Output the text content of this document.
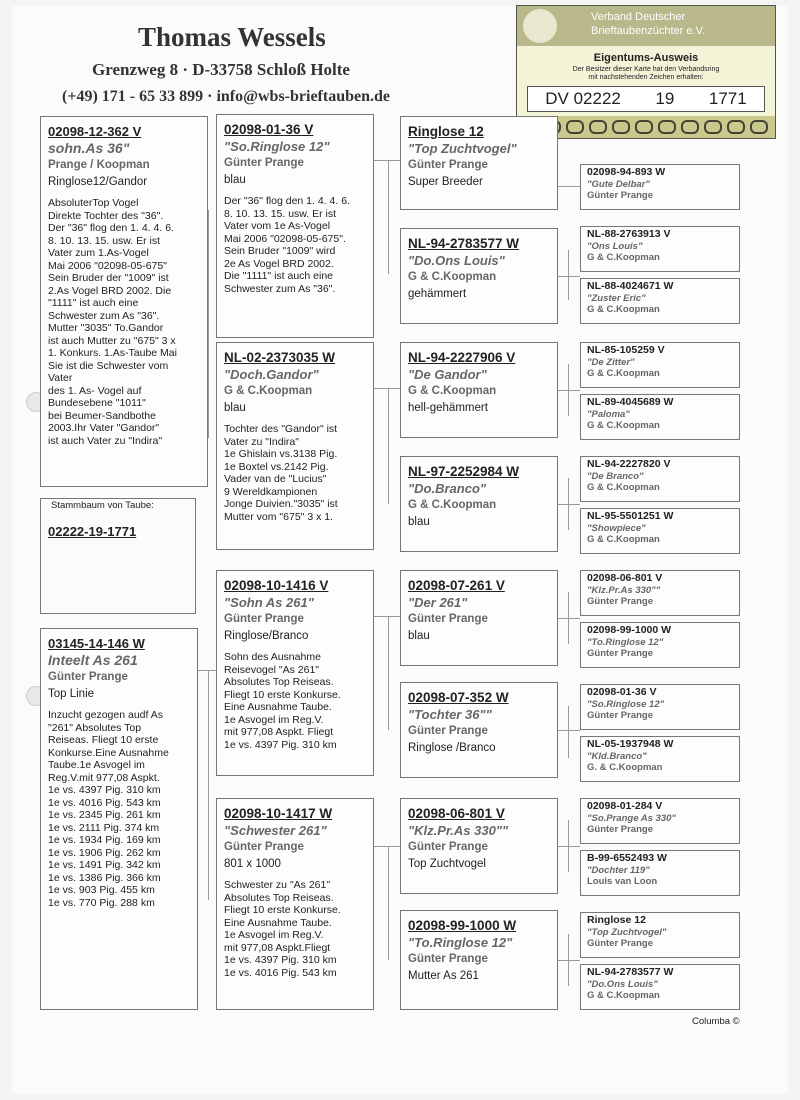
Thomas Wessels
Grenzweg 8 · D-33758 Schloß Holte
(+49) 171 - 65 33 899 · info@wbs-brieftauben.de
Verband Deutscher
Brieftaubenzüchter e.V.
Eigentums-Ausweis
Der Besitzer dieser Karte hat den Verbandsring
mit nachstehenden Zeichen erhalten:
DV 02222 19 1771
02098-12-362 V
sohn.As 36"
Prange / Koopman
Ringlose12/Gandor
AbsoluterTop Vogel
Direkte Tochter des "36".
Der "36" flog den 1. 4. 4. 6.
8. 10. 13. 15. usw. Er ist
Vater zum 1.As-Vogel
Mai 2006 "02098-05-675"
Sein Bruder der "1009" ist
2.As Vogel BRD 2002. Die
"1111" ist auch eine
Schwester zum As "36".
Mutter "3035" To.Gandor
ist auch Mutter zu "675" 3 x
1. Konkurs. 1.As-Taube Mai
Sie ist die Schwester vom
Vater
des 1. As- Vogel auf
Bundesebene "1011"
bei Beumer-Sandbothe
2003.Ihr Vater "Gandor"
ist auch Vater zu "Indira"
Stammbaum von Taube:
02222-19-1771
03145-14-146 W
Inteelt As 261
Günter Prange
Top Linie
Inzucht gezogen audf As
"261" Absolutes Top
Reiseas. Fliegt 10 erste
Konkurse.Eine Ausnahme
Taube.1e Asvogel im
Reg.V.mit 977,08 Aspkt.
1e vs. 4397 Pig. 310 km
1e vs. 4016 Pig. 543 km
1e vs. 2345 Pig. 261 km
1e vs. 2111 Pig. 374 km
1e vs. 1934 Pig. 169 km
1e vs. 1906 Pig. 262 km
1e vs. 1491 Pig. 342 km
1e vs. 1386 Pig. 366 km
1e vs. 903 Pig. 455 km
1e vs. 770 Pig. 288 km
02098-01-36 V
"So.Ringlose 12"
Günter Prange
blau
Der "36" flog den 1. 4. 4. 6.
8. 10. 13. 15. usw. Er ist
Vater vom 1e As-Vogel
Mai 2006 "02098-05-675".
Sein Bruder "1009" wird
2e As Vogel BRD 2002.
Die "1111" ist auch eine
Schwester zum As "36".
NL-02-2373035 W
"Doch.Gandor"
G & C.Koopman
blau
Tochter des "Gandor" ist
Vater zu "Indira"
1e Ghislain vs.3138 Pig.
1e Boxtel vs.2142 Pig.
Vader van de "Lucius"
9 Wereldkampionen
Jonge Duivien."3035" ist
Mutter vom "675" 3 x 1.
02098-10-1416 V
"Sohn As 261"
Günter Prange
Ringlose/Branco
Sohn des Ausnahme
Reisevogel "As 261"
Absolutes Top Reiseas.
Fliegt 10 erste Konkurse.
Eine Ausnahme Taube.
1e Asvogel im Reg.V.
mit 977,08 Aspkt. Fliegt
1e vs. 4397 Pig. 310 km
02098-10-1417 W
"Schwester 261"
Günter Prange
801 x 1000
Schwester zu "As 261"
Absolutes Top Reiseas.
Fliegt 10 erste Konkurse.
Eine Ausnahme Taube.
1e Asvogel im Reg.V.
mit 977,08 Aspkt.Fliegt
1e vs. 4397 Pig. 310 km
1e vs. 4016 Pig. 543 km
Ringlose 12
"Top Zuchtvogel"
Günter Prange
Super Breeder
NL-94-2783577 W
"Do.Ons Louis"
G & C.Koopman
gehämmert
NL-94-2227906 V
"De Gandor"
G & C.Koopman
hell-gehämmert
NL-97-2252984 W
"Do.Branco"
G & C.Koopman
blau
02098-07-261 V
"Der 261"
Günter Prange
blau
02098-07-352 W
"Tochter 36""
Günter Prange
Ringlose /Branco
02098-06-801 V
"Klz.Pr.As 330""
Günter Prange
Top Zuchtvogel
02098-99-1000 W
"To.Ringlose 12"
Günter Prange
Mutter As 261
02098-94-893 W
"Gute Delbar"
Günter Prange
NL-88-2763913 V
"Ons Louis"
G & C.Koopman
NL-88-4024671 W
"Zuster Eric"
G & C.Koopman
NL-85-105259 V
"De Zitter"
G & C.Koopman
NL-89-4045689 W
"Paloma"
G & C.Koopman
NL-94-2227820 V
"De Branco"
G & C.Koopman
NL-95-5501251 W
"Showpiece"
G & C.Koopman
02098-06-801 V
"Klz.Pr.As 330""
Günter Prange
02098-99-1000 W
"To.Ringlose 12"
Günter Prange
02098-01-36 V
"So.Ringlose 12"
Günter Prange
NL-05-1937948 W
"Kld.Branco"
G. & C.Koopman
02098-01-284 V
"So.Prange As 330"
Günter Prange
B-99-6552493 W
"Dochter 119"
Louis van Loon
Ringlose 12
"Top Zuchtvogel"
Günter Prange
NL-94-2783577 W
"Do.Ons Louis"
G & C.Koopman
Columba ©
